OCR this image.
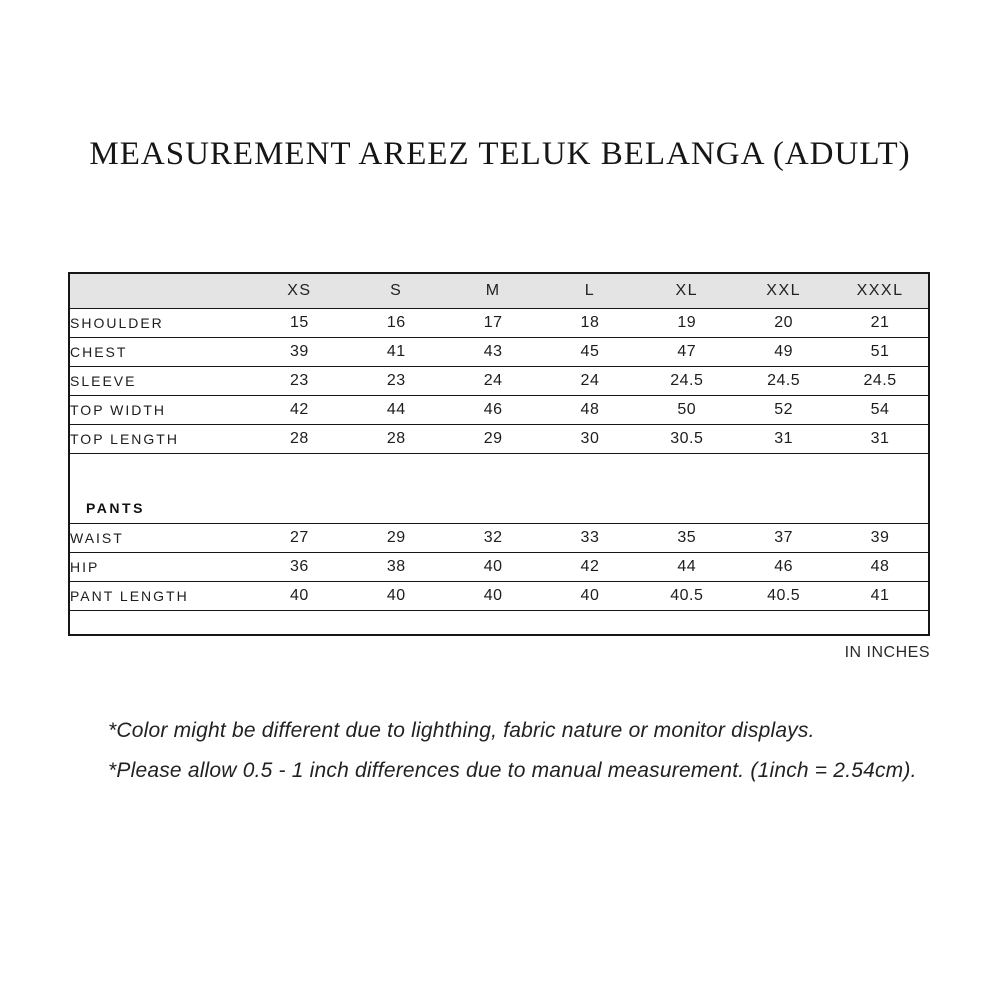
MEASUREMENT AREEZ TELUK BELANGA (ADULT)
	XS	S	M	L	XL	XXL	XXXL
SHOULDER	15	16	17	18	19	20	21
CHEST	39	41	43	45	47	49	51
SLEEVE	23	23	24	24	24.5	24.5	24.5
TOP WIDTH	42	44	46	48	50	52	54
TOP LENGTH	28	28	29	30	30.5	31	31
PANTS							
WAIST	27	29	32	33	35	37	39
HIP	36	38	40	42	44	46	48
PANT LENGTH	40	40	40	40	40.5	40.5	41

IN INCHES
*Color might be different due to lighthing, fabric nature or monitor displays.
*Please allow 0.5 - 1 inch differences due to manual measurement. (1inch = 2.54cm).
